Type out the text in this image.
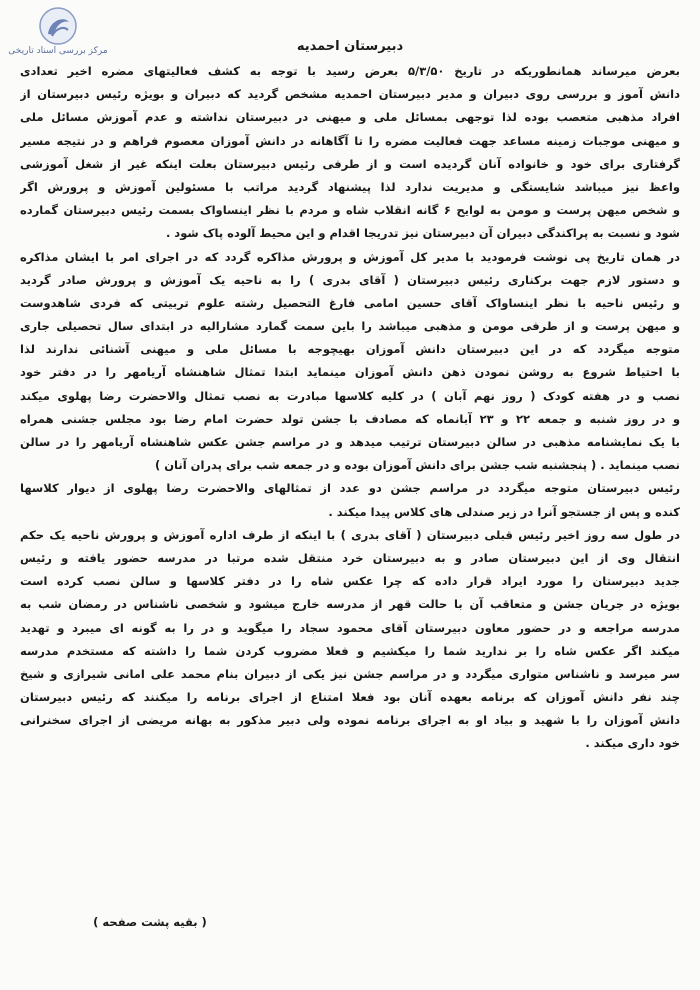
مرکز بررسی اسناد تاریخی	دبیرستان احمدیه
بعرض میرساند همانطوریکه در تاریخ ۵/۳/۵۰ بعرض رسید با توجه به کشف فعالیتهای مضره اخیر تعدادی
دانش آموز و بررسی روی دبیران و مدیر دبیرستان احمدیه مشخص گردید که دبیران و بویژه رئیس دبیرستان از
افراد مذهبی متعصب بوده لذا توجهی بمسائل ملی و میهنی در دبیرستان نداشته و عدم آموزش مسائل ملی
و میهنی موجبات زمینه مساعد جهت فعالیت مضره را تا آگاهانه در دانش آموزان معصوم فراهم و در نتیجه مسیر
گرفتاری برای خود و خانواده آنان گردیده است و از طرفی رئیس دبیرستان بعلت اینکه غیر از شغل آموزشی
واعظ نیز میباشد شایستگی و مدیریت ندارد لذا پیشنهاد گردید مراتب با مسئولین آموزش و پرورش اگر
و شخص میهن پرست و مومن به لوایح ۶ گانه انقلاب شاه و مردم با نظر اینساواک بسمت رئیس دبیرستان گمارده
شود و نسبت به پراکندگی دبیران آن دبیرستان نیز تدریجا اقدام و این محیط آلوده پاک شود .
در همان تاریخ پی نوشت فرمودید با مدیر کل آموزش و پرورش مذاکره گردد که در اجرای امر با ایشان مذاکره
و دستور لازم جهت برکناری رئیس دبیرستان ( آقای بدری ) را به ناحیه یک آموزش و پرورش صادر گردید
و رئیس ناحیه با نظر اینساواک آقای حسین امامی فارغ التحصیل رشته علوم تربیتی که فردی شاهدوست
و میهن پرست و از طرفی مومن و مذهبی میباشد را باین سمت گمارد مشارالیه در ابتدای سال تحصیلی جاری
متوجه میگردد که در این دبیرستان دانش آموزان بهیچوجه با مسائل ملی و میهنی آشنائی ندارند لذا
با احتیاط شروع به روشن نمودن ذهن دانش آموزان مینماید ابتدا تمثال شاهنشاه آریامهر را در دفتر خود
نصب و در هفته کودک ( روز نهم آبان ) در کلیه کلاسها مبادرت به نصب تمثال والاحضرت رضا پهلوی میکند
و در روز شنبه و جمعه ۲۲ و ۲۳ آبانماه که مصادف با جشن تولد حضرت امام رضا بود مجلس جشنی همراه
با یک نمایشنامه مذهبی در سالن دبیرستان ترتیب میدهد و در مراسم جشن عکس شاهنشاه آریامهر را در سالن
نصب مینماید . ( پنجشنبه شب جشن برای دانش آموزان بوده و در جمعه شب برای پدران آنان )
رئیس دبیرستان متوجه میگردد در مراسم جشن دو عدد از تمثالهای والاحضرت رضا پهلوی از دیوار کلاسها
کنده و پس از جستجو آنرا در زیر صندلی های کلاس پیدا میکند .
در طول سه روز اخیر رئیس قبلی دبیرستان ( آقای بدری ) با اینکه از طرف اداره آموزش و پرورش ناحیه یک حکم
انتقال وی از این دبیرستان صادر و به دبیرستان خرد منتقل شده مرتبا در مدرسه حضور یافته و رئیس
جدید دبیرستان را مورد ایراد قرار داده که چرا عکس شاه را در دفتر کلاسها و سالن نصب کرده است
بویژه در جریان جشن و متعاقب آن با حالت قهر از مدرسه خارج میشود و شخصی ناشناس در رمضان شب به
مدرسه مراجعه و در حضور معاون دبیرستان آقای محمود سجاد را میگوید و در را به گونه ای میبرد و تهدید
میکند اگر عکس شاه را بر ندارید شما را میکشیم و فعلا مضروب کردن شما را داشته که مستخدم مدرسه
سر میرسد و ناشناس متواری میگردد و در مراسم جشن نیز یکی از دبیران بنام محمد علی امانی شیرازی و شیخ
چند نفر دانش آموزان که برنامه بعهده آنان بود فعلا امتناع از اجرای برنامه را میکنند که رئیس دبیرستان
دانش آموزان را با شهید و بیاد او به اجرای برنامه نموده ولی دبیر مذکور به بهانه مریضی از اجرای سخنرانی
خود داری میکند .
( بقیه پشت صفحه )
